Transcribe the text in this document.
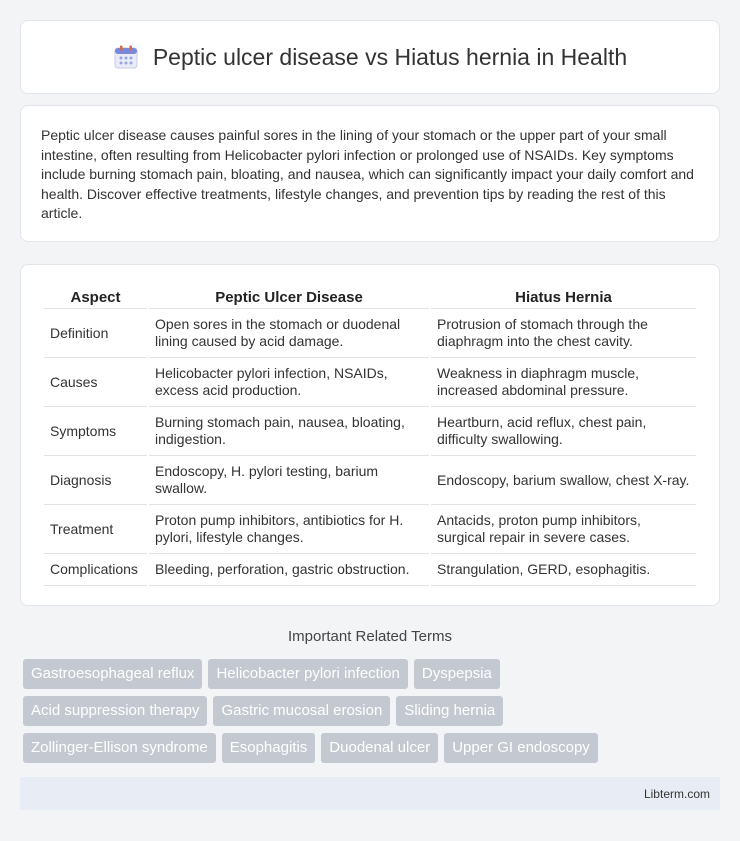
Peptic ulcer disease vs Hiatus hernia in Health

Peptic ulcer disease causes painful sores in the lining of your stomach or the upper part of your small intestine, often resulting from Helicobacter pylori infection or prolonged use of NSAIDs. Key symptoms include burning stomach pain, bloating, and nausea, which can significantly impact your daily comfort and health. Discover effective treatments, lifestyle changes, and prevention tips by reading the rest of this article.

Aspect	Peptic Ulcer Disease	Hiatus Hernia
Definition	Open sores in the stomach or duodenal lining caused by acid damage.	Protrusion of stomach through the diaphragm into the chest cavity.
Causes	Helicobacter pylori infection, NSAIDs, excess acid production.	Weakness in diaphragm muscle, increased abdominal pressure.
Symptoms	Burning stomach pain, nausea, bloating, indigestion.	Heartburn, acid reflux, chest pain, difficulty swallowing.
Diagnosis	Endoscopy, H. pylori testing, barium swallow.	Endoscopy, barium swallow, chest X-ray.
Treatment	Proton pump inhibitors, antibiotics for H. pylori, lifestyle changes.	Antacids, proton pump inhibitors, surgical repair in severe cases.
Complications	Bleeding, perforation, gastric obstruction.	Strangulation, GERD, esophagitis.
Important Related Terms
Gastroesophageal reflux	Helicobacter pylori infection	Dyspepsia
Acid suppression therapy	Gastric mucosal erosion	Sliding hernia
Zollinger-Ellison syndrome	Esophagitis	Duodenal ulcer	Upper GI endoscopy
Libterm.com
